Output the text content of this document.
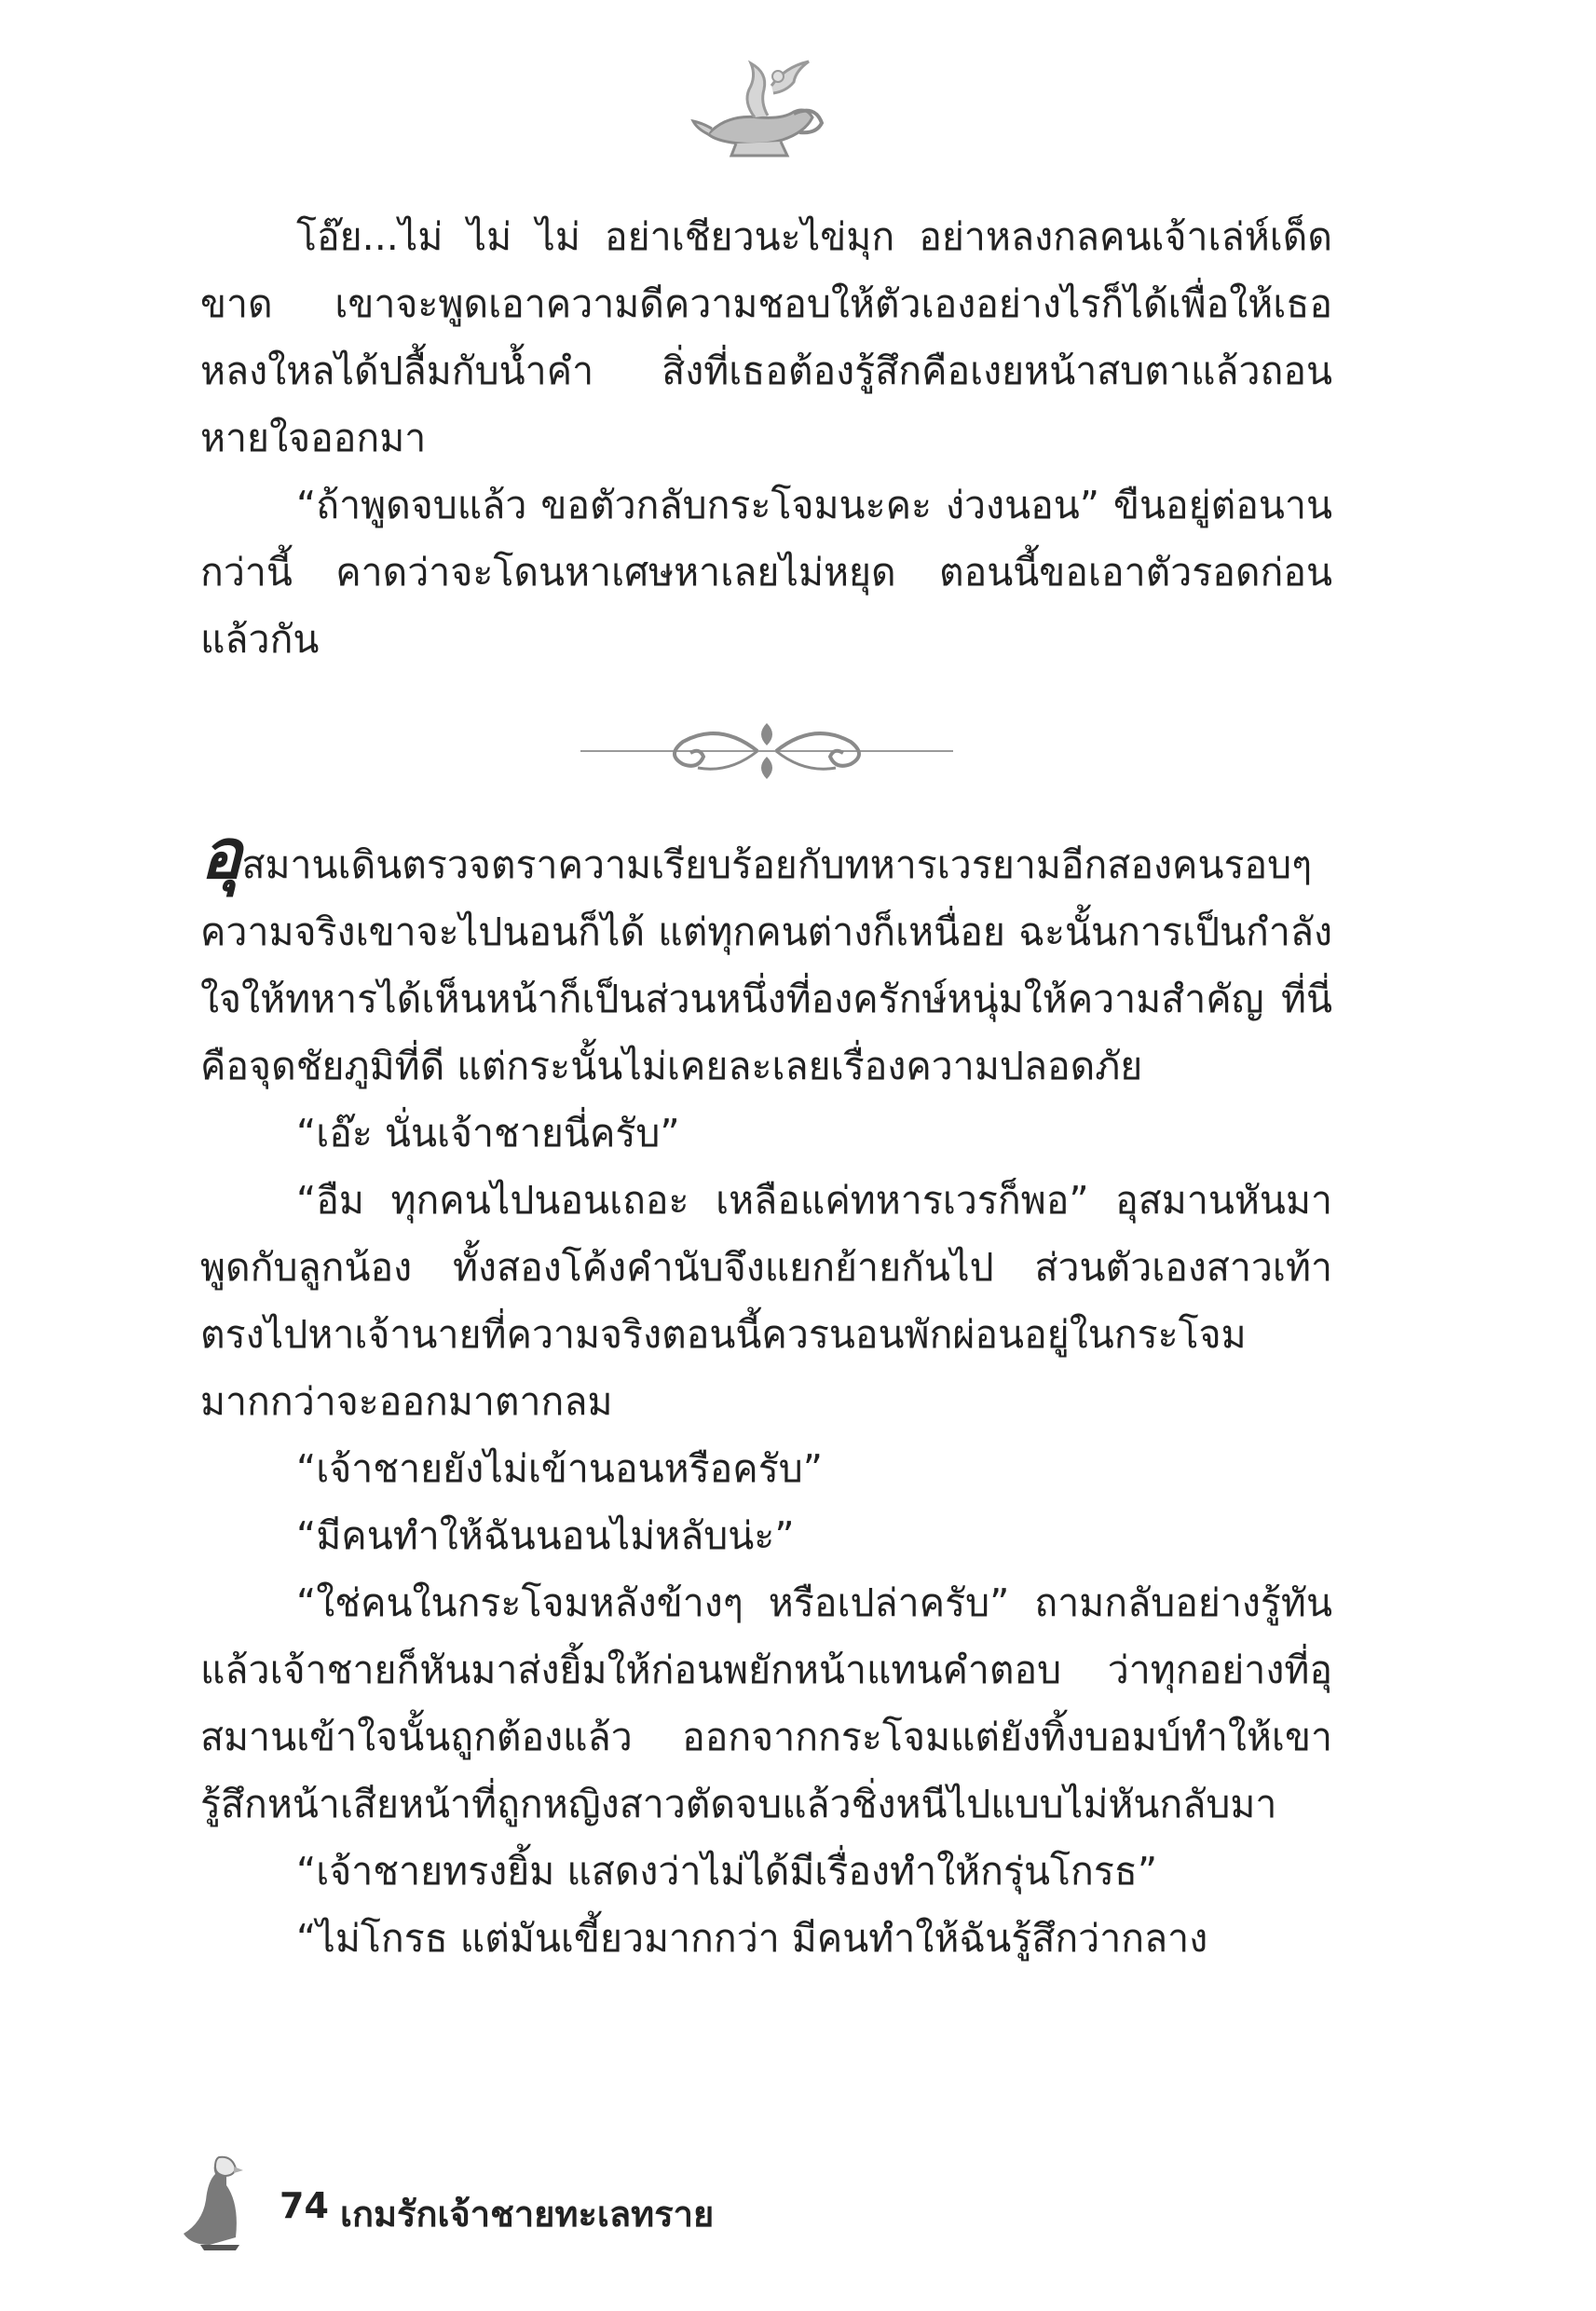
โอ๊ย...ไม่ ไม่ ไม่ อย่าเชียวนะไข่มุก อย่าหลงกลคนเจ้าเล่ห์เด็ดขาด เขาจะพูดเอาความดีความชอบให้ตัวเองอย่างไรก็ได้เพื่อให้เธอหลงใหลได้ปลื้มกับน้ำคำ สิ่งที่เธอต้องรู้สึกคือเงยหน้าสบตาแล้วถอนหายใจออกมา

“ถ้าพูดจบแล้ว ขอตัวกลับกระโจมนะคะ ง่วงนอน” ขืนอยู่ต่อนานกว่านี้ คาดว่าจะโดนหาเศษหาเลยไม่หยุด ตอนนี้ขอเอาตัวรอดก่อนแล้วกัน

อุสมานเดินตรวจตราความเรียบร้อยกับทหารเวรยามอีกสองคนรอบๆ ความจริงเขาจะไปนอนก็ได้ แต่ทุกคนต่างก็เหนื่อย ฉะนั้นการเป็นกำลังใจให้ทหารได้เห็นหน้าก็เป็นส่วนหนึ่งที่องครักษ์หนุ่มให้ความสำคัญ ที่นี่คือจุดชัยภูมิที่ดี แต่กระนั้นไม่เคยละเลยเรื่องความปลอดภัย

“เอ๊ะ นั่นเจ้าชายนี่ครับ”

“อืม ทุกคนไปนอนเถอะ เหลือแค่ทหารเวรก็พอ” อุสมานหันมาพูดกับลูกน้อง ทั้งสองโค้งคำนับจึงแยกย้ายกันไป ส่วนตัวเองสาวเท้าตรงไปหาเจ้านายที่ความจริงตอนนี้ควรนอนพักผ่อนอยู่ในกระโจมมากกว่าจะออกมาตากลม

“เจ้าชายยังไม่เข้านอนหรือครับ”

“มีคนทำให้ฉันนอนไม่หลับน่ะ”

“ใช่คนในกระโจมหลังข้างๆ หรือเปล่าครับ” ถามกลับอย่างรู้ทันแล้วเจ้าชายก็หันมาส่งยิ้มให้ก่อนพยักหน้าแทนคำตอบ ว่าทุกอย่างที่อุสมานเข้าใจนั้นถูกต้องแล้ว ออกจากกระโจมแต่ยังทิ้งบอมบ์ทำให้เขารู้สึกหน้าเสียหน้าที่ถูกหญิงสาวตัดจบแล้วชิ่งหนีไปแบบไม่หันกลับมา

“เจ้าชายทรงยิ้ม แสดงว่าไม่ได้มีเรื่องทำให้กรุ่นโกรธ”

“ไม่โกรธ แต่มันเขี้ยวมากกว่า มีคนทำให้ฉันรู้สึกว่ากลาง

74 เกมรักเจ้าชายทะเลทราย
